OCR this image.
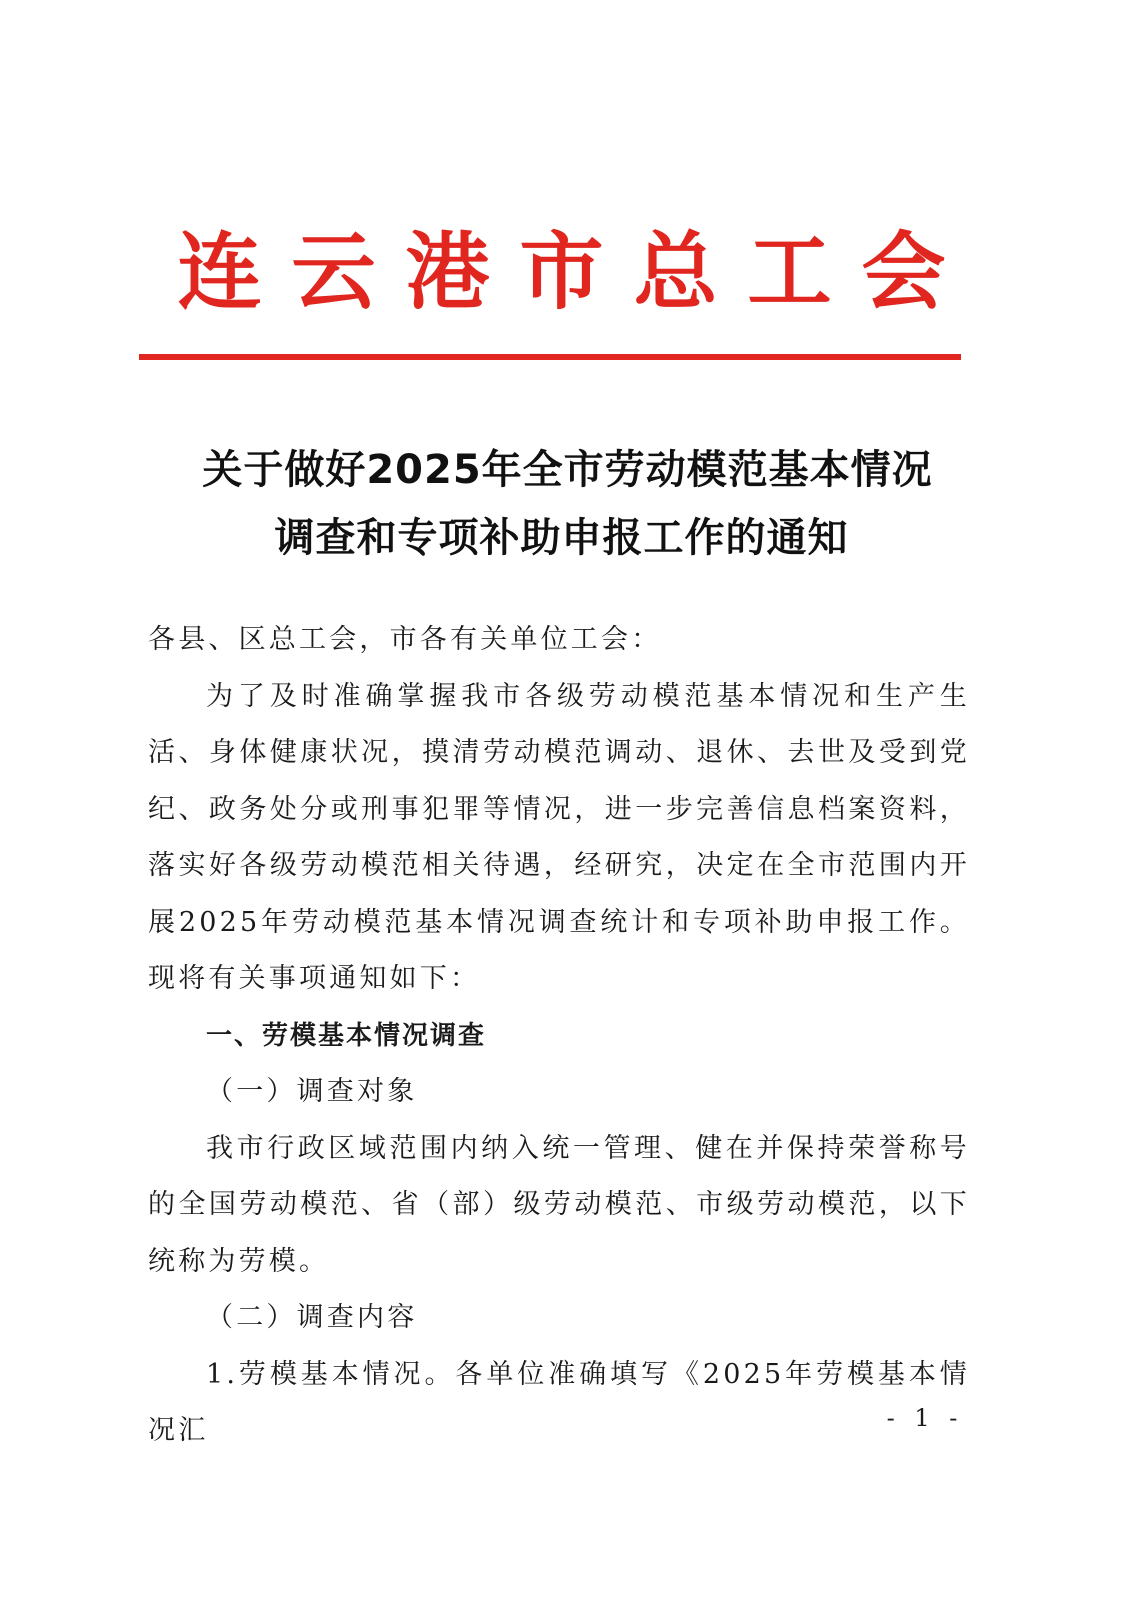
连云港市总工会
关于做好2025年全市劳动模范基本情况
调查和专项补助申报工作的通知

各县、区总工会，市各有关单位工会：

为了及时准确掌握我市各级劳动模范基本情况和生产生活、身体健康状况，摸清劳动模范调动、退休、去世及受到党纪、政务处分或刑事犯罪等情况，进一步完善信息档案资料，落实好各级劳动模范相关待遇，经研究，决定在全市范围内开展2025年劳动模范基本情况调查统计和专项补助申报工作。现将有关事项通知如下：

一、劳模基本情况调查

（一）调查对象

我市行政区域范围内纳入统一管理、健在并保持荣誉称号的全国劳动模范、省（部）级劳动模范、市级劳动模范，以下统称为劳模。

（二）调查内容

1.劳模基本情况。各单位准确填写《2025年劳模基本情况汇	- 1 -
